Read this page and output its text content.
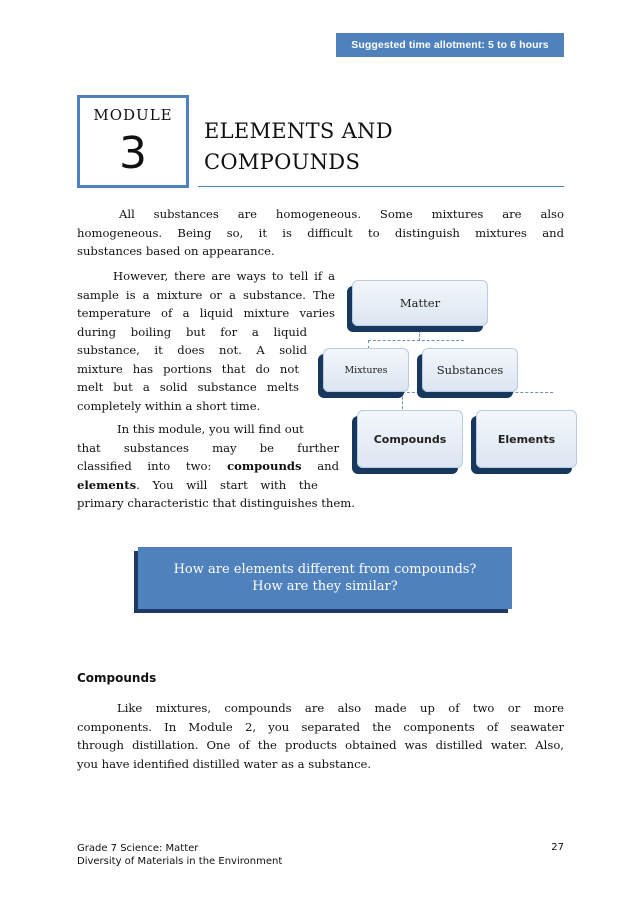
Suggested time allotment: 5 to 6 hours
MODULE
3	ELEMENTS AND
COMPOUNDS
All substances are homogeneous. Some mixtures are also
homogeneous. Being so, it is difficult to distinguish mixtures and
substances based on appearance.
However, there are ways to tell if a
sample is a mixture or a substance. The
temperature of a liquid mixture varies
during boiling but for a liquid
substance, it does not. A solid
mixture has portions that do not
melt but a solid substance melts
completely within a short time.
In this module, you will find out
that substances may be further
classified into two: compounds and
elements. You will start with the
primary characteristic that distinguishes them.
Matter
Mixtures	Substances
Compounds	Elements
How are elements different from compounds?
How are they similar?
Compounds
Like mixtures, compounds are also made up of two or more
components. In Module 2, you separated the components of seawater
through distillation. One of the products obtained was distilled water. Also,
you have identified distilled water as a substance.
Grade 7 Science: Matter
Diversity of Materials in the Environment
27
